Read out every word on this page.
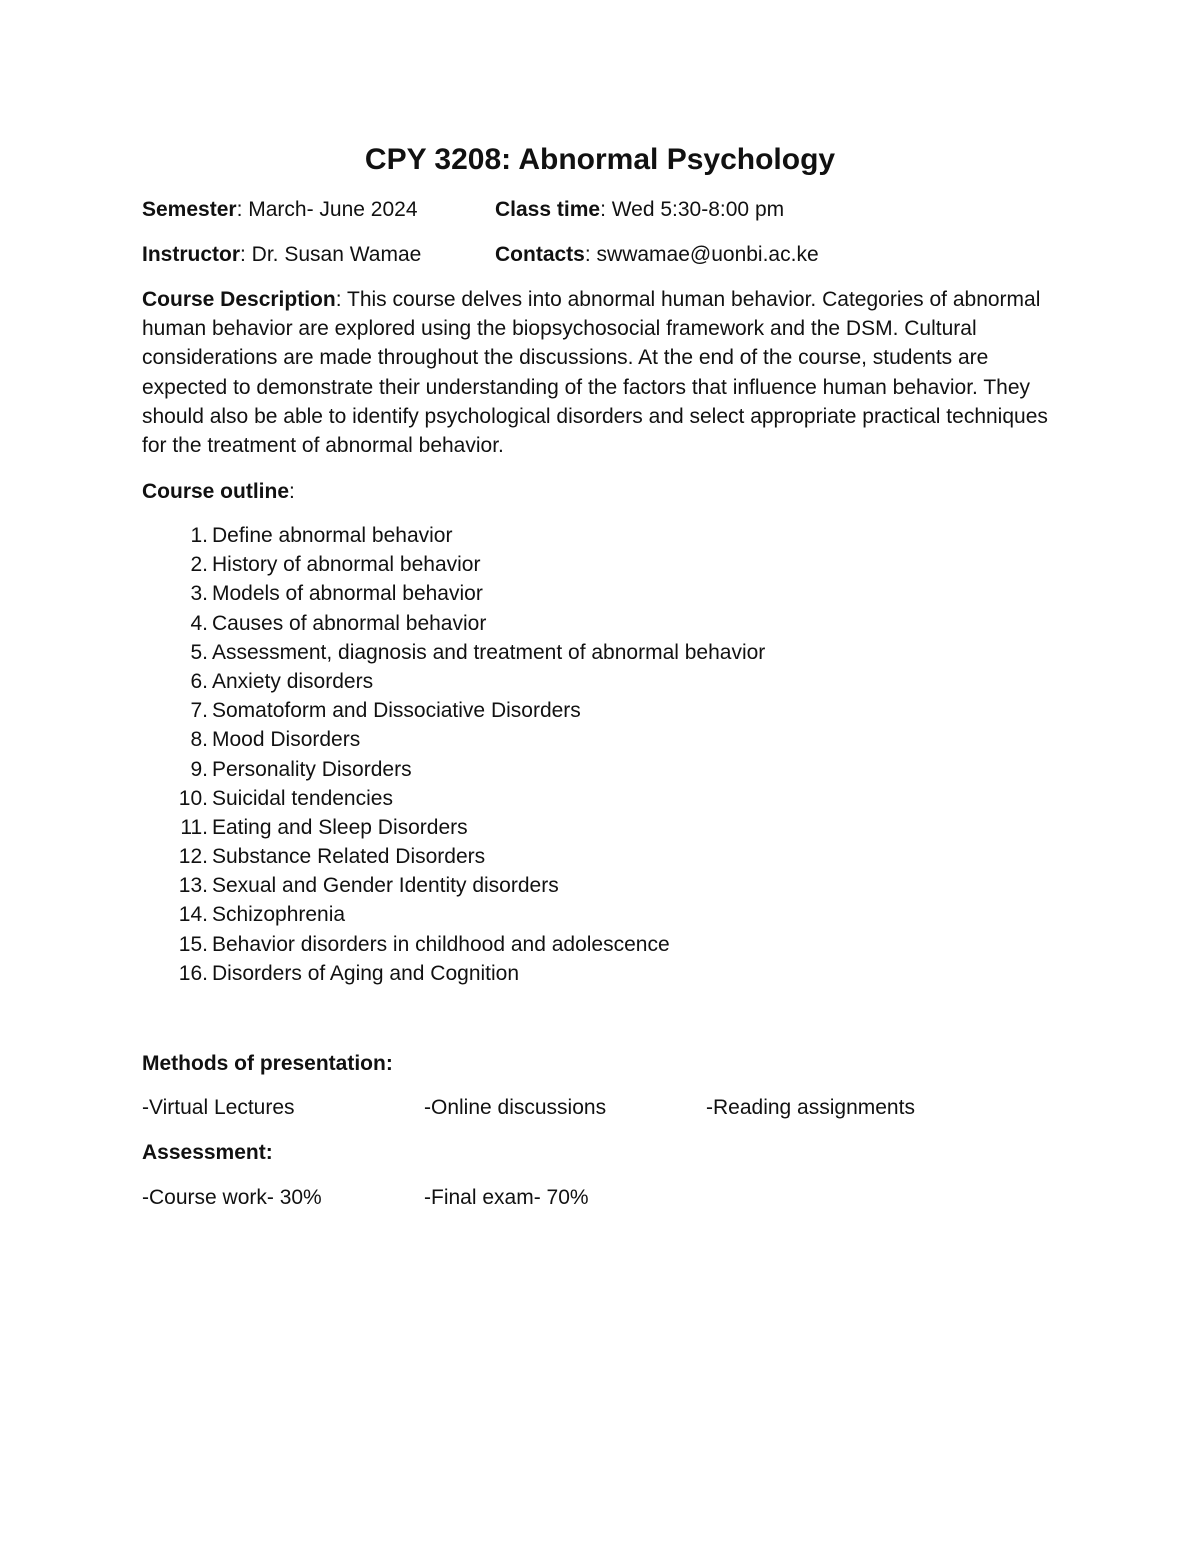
CPY 3208: Abnormal Psychology
Semester: March- June 2024	Class time: Wed 5:30-8:00 pm
Instructor: Dr. Susan Wamae	Contacts: swwamae@uonbi.ac.ke

Course Description: This course delves into abnormal human behavior. Categories of abnormal human behavior are explored using the biopsychosocial framework and the DSM. Cultural considerations are made throughout the discussions. At the end of the course, students are expected to demonstrate their understanding of the factors that influence human behavior. They should also be able to identify psychological disorders and select appropriate practical techniques for the treatment of abnormal behavior.

Course outline:
1. Define abnormal behavior
2. History of abnormal behavior
3. Models of abnormal behavior
4. Causes of abnormal behavior
5. Assessment, diagnosis and treatment of abnormal behavior
6. Anxiety disorders
7. Somatoform and Dissociative Disorders
8. Mood Disorders
9. Personality Disorders
10. Suicidal tendencies
11. Eating and Sleep Disorders
12. Substance Related Disorders
13. Sexual and Gender Identity disorders
14. Schizophrenia
15. Behavior disorders in childhood and adolescence
16. Disorders of Aging and Cognition
Methods of presentation:
-Virtual Lectures	-Online discussions	-Reading assignments
Assessment:
-Course work- 30%	-Final exam- 70%
